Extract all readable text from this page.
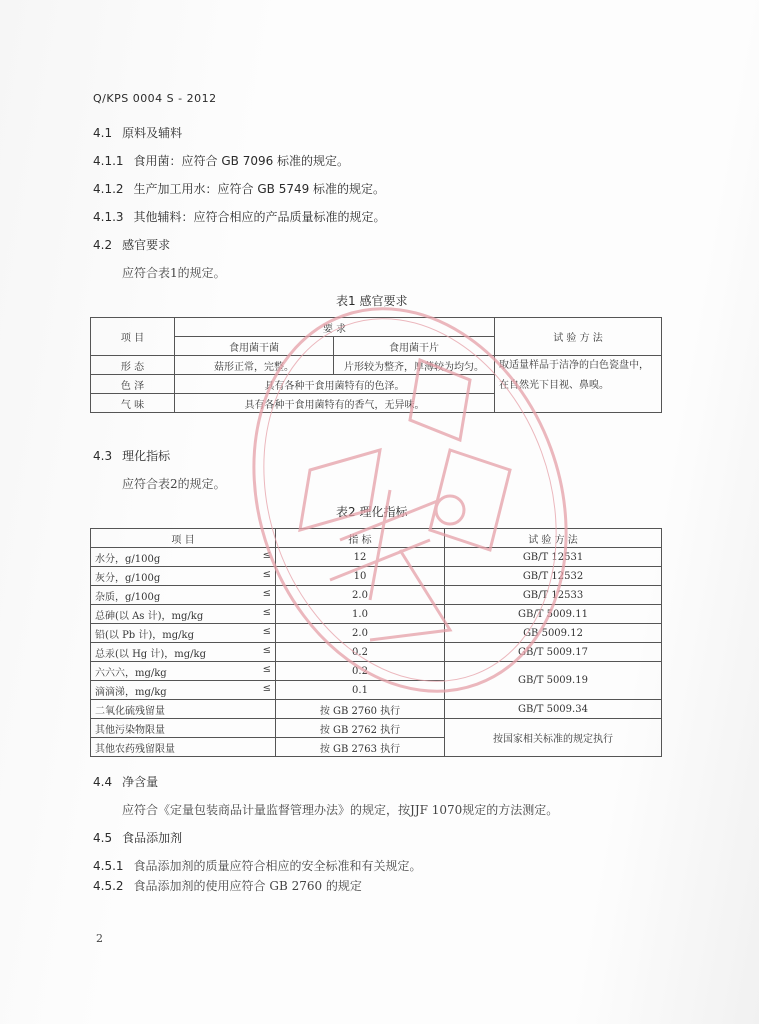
Q/KPS 0004 S - 2012
4.1 原料及辅料
4.1.1 食用菌：应符合 GB 7096 标准的规定。
4.1.2 生产加工用水：应符合 GB 5749 标准的规定。
4.1.3 其他辅料：应符合相应的产品质量标准的规定。
4.2 感官要求
应符合表1的规定。
表1 感官要求
项 目	要 求		试 验 方 法
	食用菌干菌	食用菌干片	
形 态	菇形正常，完整。	片形较为整齐，厚薄较为均匀。	取适量样品于洁净的白色瓷盘中，在自然光下目视、鼻嗅。
色 泽	具有各种干食用菌特有的色泽。		
气 味	具有各种干食用菌特有的香气，无异味。		
4.3 理化指标
应符合表2的规定。
表2 理化指标
项 目	指 标	试 验 方 法
水分，g/100g ≤	12	GB/T 12531
灰分，g/100g ≤	10	GB/T 12532
杂质，g/100g ≤	2.0	GB/T 12533
总砷(以 As 计)，mg/kg ≤	1.0	GB/T 5009.11
铅(以 Pb 计)，mg/kg ≤	2.0	GB 5009.12
总汞(以 Hg 计)，mg/kg ≤	0.2	GB/T 5009.17
六六六，mg/kg ≤	0.2	GB/T 5009.19
滴滴涕，mg/kg ≤	0.1	
二氧化硫残留量	按 GB 2760 执行	GB/T 5009.34
其他污染物限量	按 GB 2762 执行	按国家相关标准的规定执行
其他农药残留限量	按 GB 2763 执行	
4.4 净含量
应符合《定量包装商品计量监督管理办法》的规定，按JJF 1070规定的方法测定。
4.5 食品添加剂
4.5.1 食品添加剂的质量应符合相应的安全标准和有关规定。
4.5.2 食品添加剂的使用应符合 GB 2760 的规定
2
